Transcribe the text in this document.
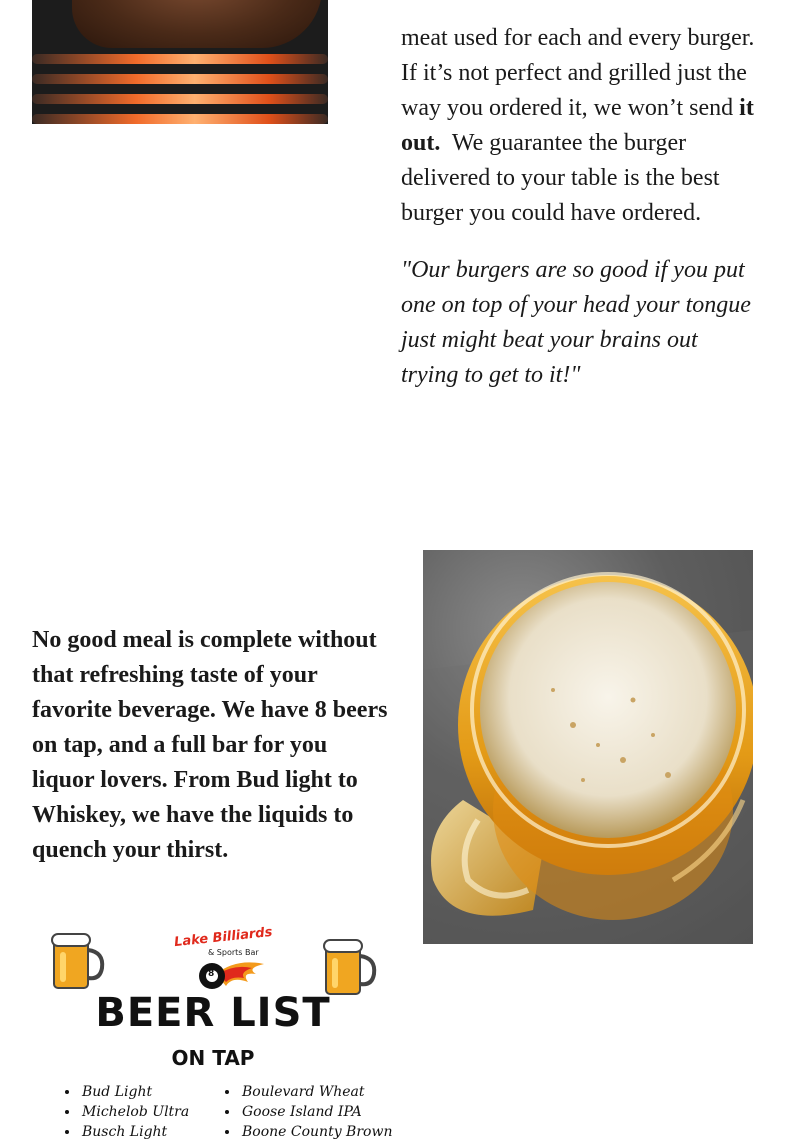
meat used for each and every burger. If it’s not perfect and grilled just the way you ordered it, we won’t send it out.  We guarantee the burger delivered to your table is the best burger you could have ordered.

"Our burgers are so good if you put one on top of your head your tongue just might beat your brains out trying to get to it!"

No good meal is complete without that refreshing taste of your favorite beverage. We have 8 beers on tap, and a full bar for you liquor lovers. From Bud light to Whiskey, we have the liquids to quench your thirst.

Lake Billiards
& Sports Bar
8
BEER LIST
ON TAP
• Bud Light
• Michelob Ultra
• Busch Light
• Boulevard Wheat
• Goose Island IPA
• Boone County Brown
